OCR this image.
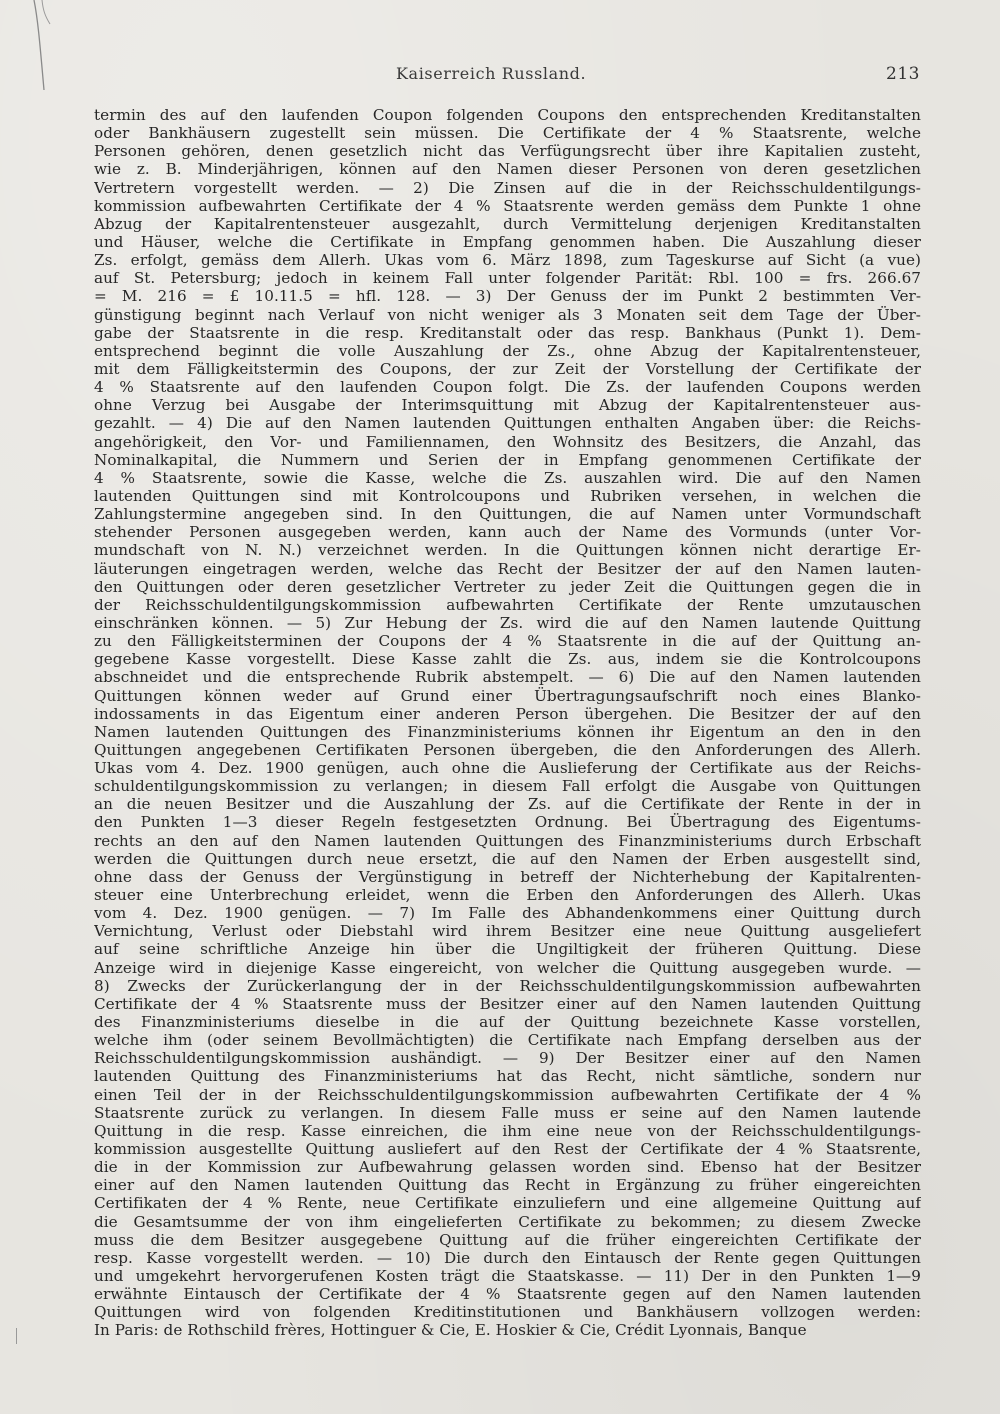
Kaiserreich Russland.	213
termin des auf den laufenden Coupon folgenden Coupons den entsprechenden Kreditanstalten
oder Bankhäusern zugestellt sein müssen. Die Certifikate der 4 % Staatsrente, welche
Personen gehören, denen gesetzlich nicht das Verfügungsrecht über ihre Kapitalien zusteht,
wie z. B. Minderjährigen, können auf den Namen dieser Personen von deren gesetzlichen
Vertretern vorgestellt werden. — 2) Die Zinsen auf die in der Reichsschuldentilgungs-
kommission aufbewahrten Certifikate der 4 % Staatsrente werden gemäss dem Punkte 1 ohne
Abzug der Kapitalrentensteuer ausgezahlt, durch Vermittelung derjenigen Kreditanstalten
und Häuser, welche die Certifikate in Empfang genommen haben. Die Auszahlung dieser
Zs. erfolgt, gemäss dem Allerh. Ukas vom 6. März 1898, zum Tageskurse auf Sicht (a vue)
auf St. Petersburg; jedoch in keinem Fall unter folgender Parität: Rbl. 100 = frs. 266.67
= M. 216 = £ 10.11.5 = hfl. 128. — 3) Der Genuss der im Punkt 2 bestimmten Ver-
günstigung beginnt nach Verlauf von nicht weniger als 3 Monaten seit dem Tage der Über-
gabe der Staatsrente in die resp. Kreditanstalt oder das resp. Bankhaus (Punkt 1). Dem-
entsprechend beginnt die volle Auszahlung der Zs., ohne Abzug der Kapitalrentensteuer,
mit dem Fälligkeitstermin des Coupons, der zur Zeit der Vorstellung der Certifikate der
4 % Staatsrente auf den laufenden Coupon folgt. Die Zs. der laufenden Coupons werden
ohne Verzug bei Ausgabe der Interimsquittung mit Abzug der Kapitalrentensteuer aus-
gezahlt. — 4) Die auf den Namen lautenden Quittungen enthalten Angaben über: die Reichs-
angehörigkeit, den Vor- und Familiennamen, den Wohnsitz des Besitzers, die Anzahl, das
Nominalkapital, die Nummern und Serien der in Empfang genommenen Certifikate der
4 % Staatsrente, sowie die Kasse, welche die Zs. auszahlen wird. Die auf den Namen
lautenden Quittungen sind mit Kontrolcoupons und Rubriken versehen, in welchen die
Zahlungstermine angegeben sind. In den Quittungen, die auf Namen unter Vormundschaft
stehender Personen ausgegeben werden, kann auch der Name des Vormunds (unter Vor-
mundschaft von N. N.) verzeichnet werden. In die Quittungen können nicht derartige Er-
läuterungen eingetragen werden, welche das Recht der Besitzer der auf den Namen lauten-
den Quittungen oder deren gesetzlicher Vertreter zu jeder Zeit die Quittungen gegen die in
der Reichsschuldentilgungskommission aufbewahrten Certifikate der Rente umzutauschen
einschränken können. — 5) Zur Hebung der Zs. wird die auf den Namen lautende Quittung
zu den Fälligkeitsterminen der Coupons der 4 % Staatsrente in die auf der Quittung an-
gegebene Kasse vorgestellt. Diese Kasse zahlt die Zs. aus, indem sie die Kontrolcoupons
abschneidet und die entsprechende Rubrik abstempelt. — 6) Die auf den Namen lautenden
Quittungen können weder auf Grund einer Übertragungsaufschrift noch eines Blanko-
indossaments in das Eigentum einer anderen Person übergehen. Die Besitzer der auf den
Namen lautenden Quittungen des Finanzministeriums können ihr Eigentum an den in den
Quittungen angegebenen Certifikaten Personen übergeben, die den Anforderungen des Allerh.
Ukas vom 4. Dez. 1900 genügen, auch ohne die Auslieferung der Certifikate aus der Reichs-
schuldentilgungskommission zu verlangen; in diesem Fall erfolgt die Ausgabe von Quittungen
an die neuen Besitzer und die Auszahlung der Zs. auf die Certifikate der Rente in der in
den Punkten 1—3 dieser Regeln festgesetzten Ordnung. Bei Übertragung des Eigentums-
rechts an den auf den Namen lautenden Quittungen des Finanzministeriums durch Erbschaft
werden die Quittungen durch neue ersetzt, die auf den Namen der Erben ausgestellt sind,
ohne dass der Genuss der Vergünstigung in betreff der Nichterhebung der Kapitalrenten-
steuer eine Unterbrechung erleidet, wenn die Erben den Anforderungen des Allerh. Ukas
vom 4. Dez. 1900 genügen. — 7) Im Falle des Abhandenkommens einer Quittung durch
Vernichtung, Verlust oder Diebstahl wird ihrem Besitzer eine neue Quittung ausgeliefert
auf seine schriftliche Anzeige hin über die Ungiltigkeit der früheren Quittung. Diese
Anzeige wird in diejenige Kasse eingereicht, von welcher die Quittung ausgegeben wurde. —
8) Zwecks der Zurückerlangung der in der Reichsschuldentilgungskommission aufbewahrten
Certifikate der 4 % Staatsrente muss der Besitzer einer auf den Namen lautenden Quittung
des Finanzministeriums dieselbe in die auf der Quittung bezeichnete Kasse vorstellen,
welche ihm (oder seinem Bevollmächtigten) die Certifikate nach Empfang derselben aus der
Reichsschuldentilgungskommission aushändigt. — 9) Der Besitzer einer auf den Namen
lautenden Quittung des Finanzministeriums hat das Recht, nicht sämtliche, sondern nur
einen Teil der in der Reichsschuldentilgungskommission aufbewahrten Certifikate der 4 %
Staatsrente zurück zu verlangen. In diesem Falle muss er seine auf den Namen lautende
Quittung in die resp. Kasse einreichen, die ihm eine neue von der Reichsschuldentilgungs-
kommission ausgestellte Quittung ausliefert auf den Rest der Certifikate der 4 % Staatsrente,
die in der Kommission zur Aufbewahrung gelassen worden sind. Ebenso hat der Besitzer
einer auf den Namen lautenden Quittung das Recht in Ergänzung zu früher eingereichten
Certifikaten der 4 % Rente, neue Certifikate einzuliefern und eine allgemeine Quittung auf
die Gesamtsumme der von ihm eingelieferten Certifikate zu bekommen; zu diesem Zwecke
muss die dem Besitzer ausgegebene Quittung auf die früher eingereichten Certifikate der
resp. Kasse vorgestellt werden. — 10) Die durch den Eintausch der Rente gegen Quittungen
und umgekehrt hervorgerufenen Kosten trägt die Staatskasse. — 11) Der in den Punkten 1—9
erwähnte Eintausch der Certifikate der 4 % Staatsrente gegen auf den Namen lautenden
Quittungen wird von folgenden Kreditinstitutionen und Bankhäusern vollzogen werden:
In Paris: de Rothschild frères, Hottinguer & Cie, E. Hoskier & Cie, Crédit Lyonnais, Banque
